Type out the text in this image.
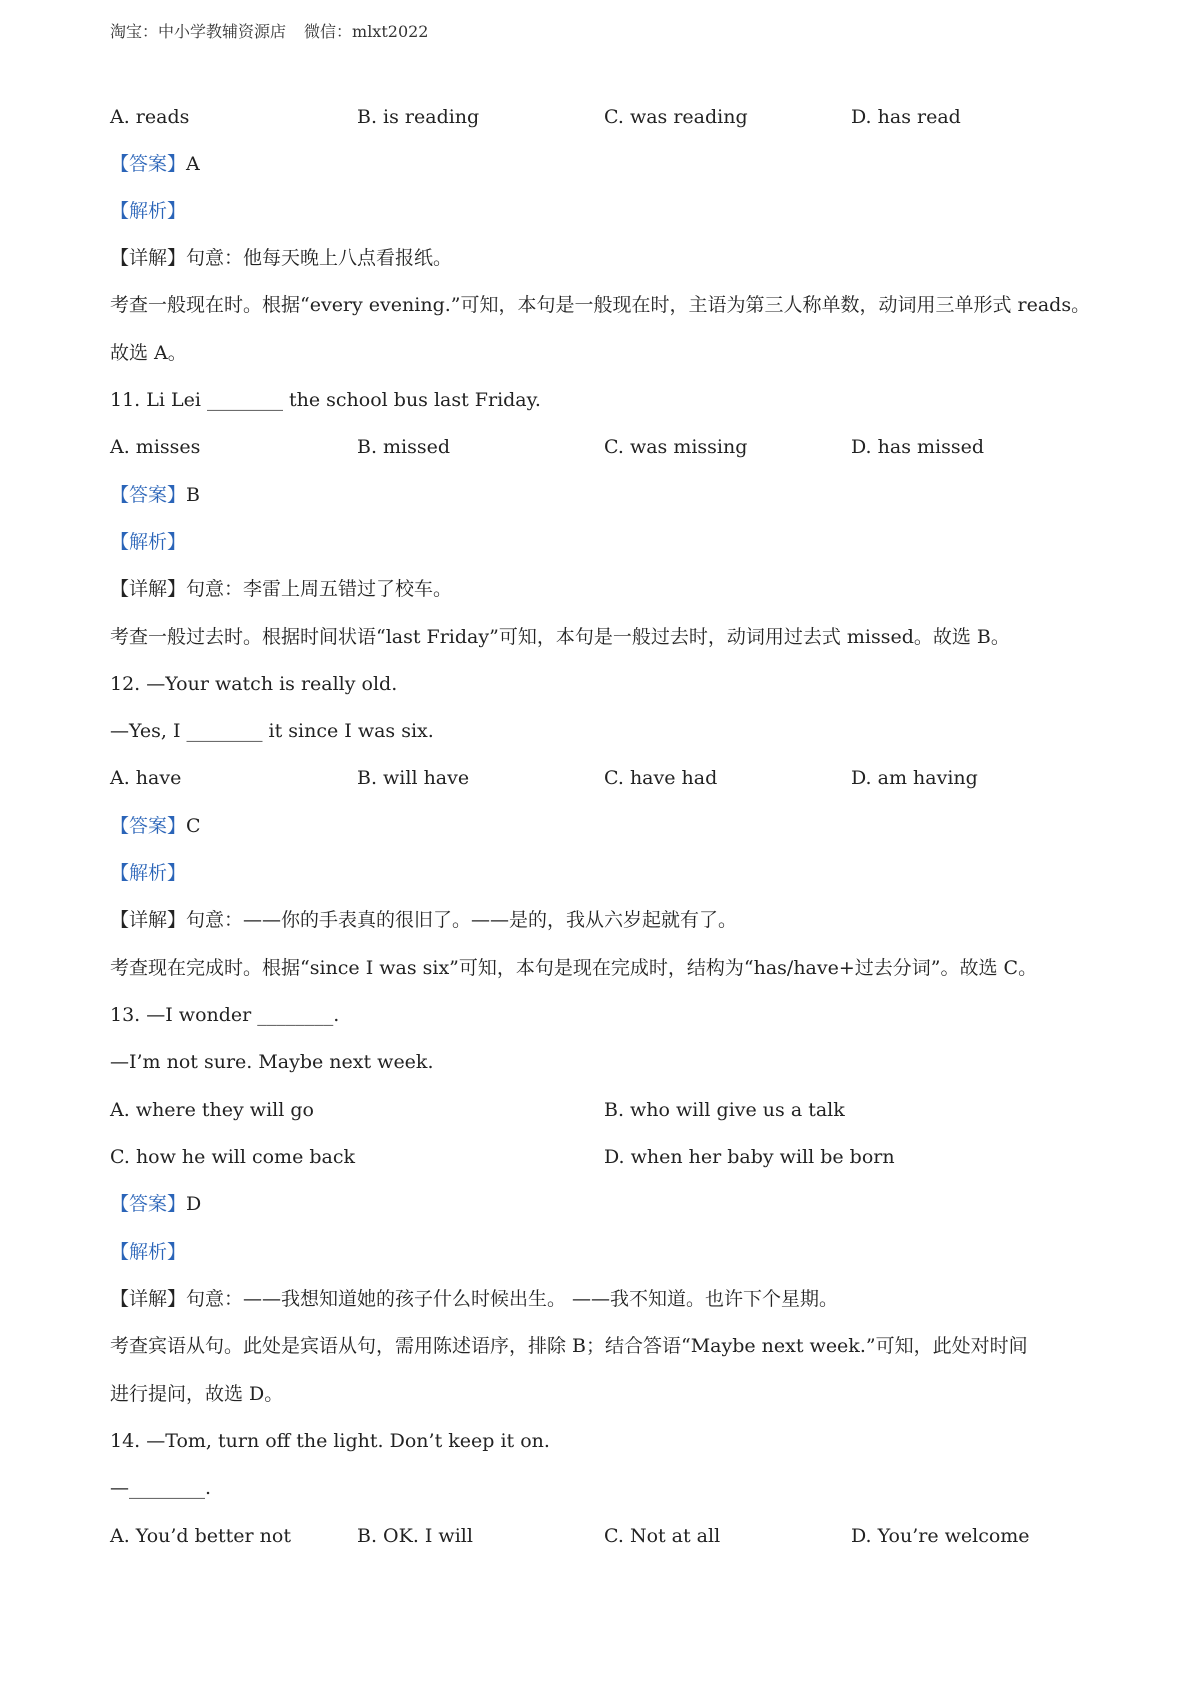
淘宝：中小学教辅资源店 微信：mlxt2022
A. reads	B. is reading	C. was reading	D. has read
【答案】A
【解析】
【详解】句意：他每天晚上八点看报纸。
考查一般现在时。根据“every evening.”可知，本句是一般现在时，主语为第三人称单数，动词用三单形式 reads。
故选 A。
11. Li Lei ________ the school bus last Friday.
A. misses	B. missed	C. was missing	D. has missed
【答案】B
【解析】
【详解】句意：李雷上周五错过了校车。
考查一般过去时。根据时间状语“last Friday”可知，本句是一般过去时，动词用过去式 missed。故选 B。
12. —Your watch is really old.
—Yes, I ________ it since I was six.
A. have	B. will have	C. have had	D. am having
【答案】C
【解析】
【详解】句意：——你的手表真的很旧了。——是的，我从六岁起就有了。
考查现在完成时。根据“since I was six”可知，本句是现在完成时，结构为“has/have+过去分词”。故选 C。
13. —I wonder ________.
—I’m not sure. Maybe next week.
A. where they will go	B. who will give us a talk
C. how he will come back	D. when her baby will be born
【答案】D
【解析】
【详解】句意：——我想知道她的孩子什么时候出生。 ——我不知道。也许下个星期。
考查宾语从句。此处是宾语从句，需用陈述语序，排除 B；结合答语“Maybe next week.”可知，此处对时间
进行提问，故选 D。
14. —Tom, turn off the light. Don’t keep it on.
—________.
A. You’d better not	B. OK. I will	C. Not at all	D. You’re welcome
